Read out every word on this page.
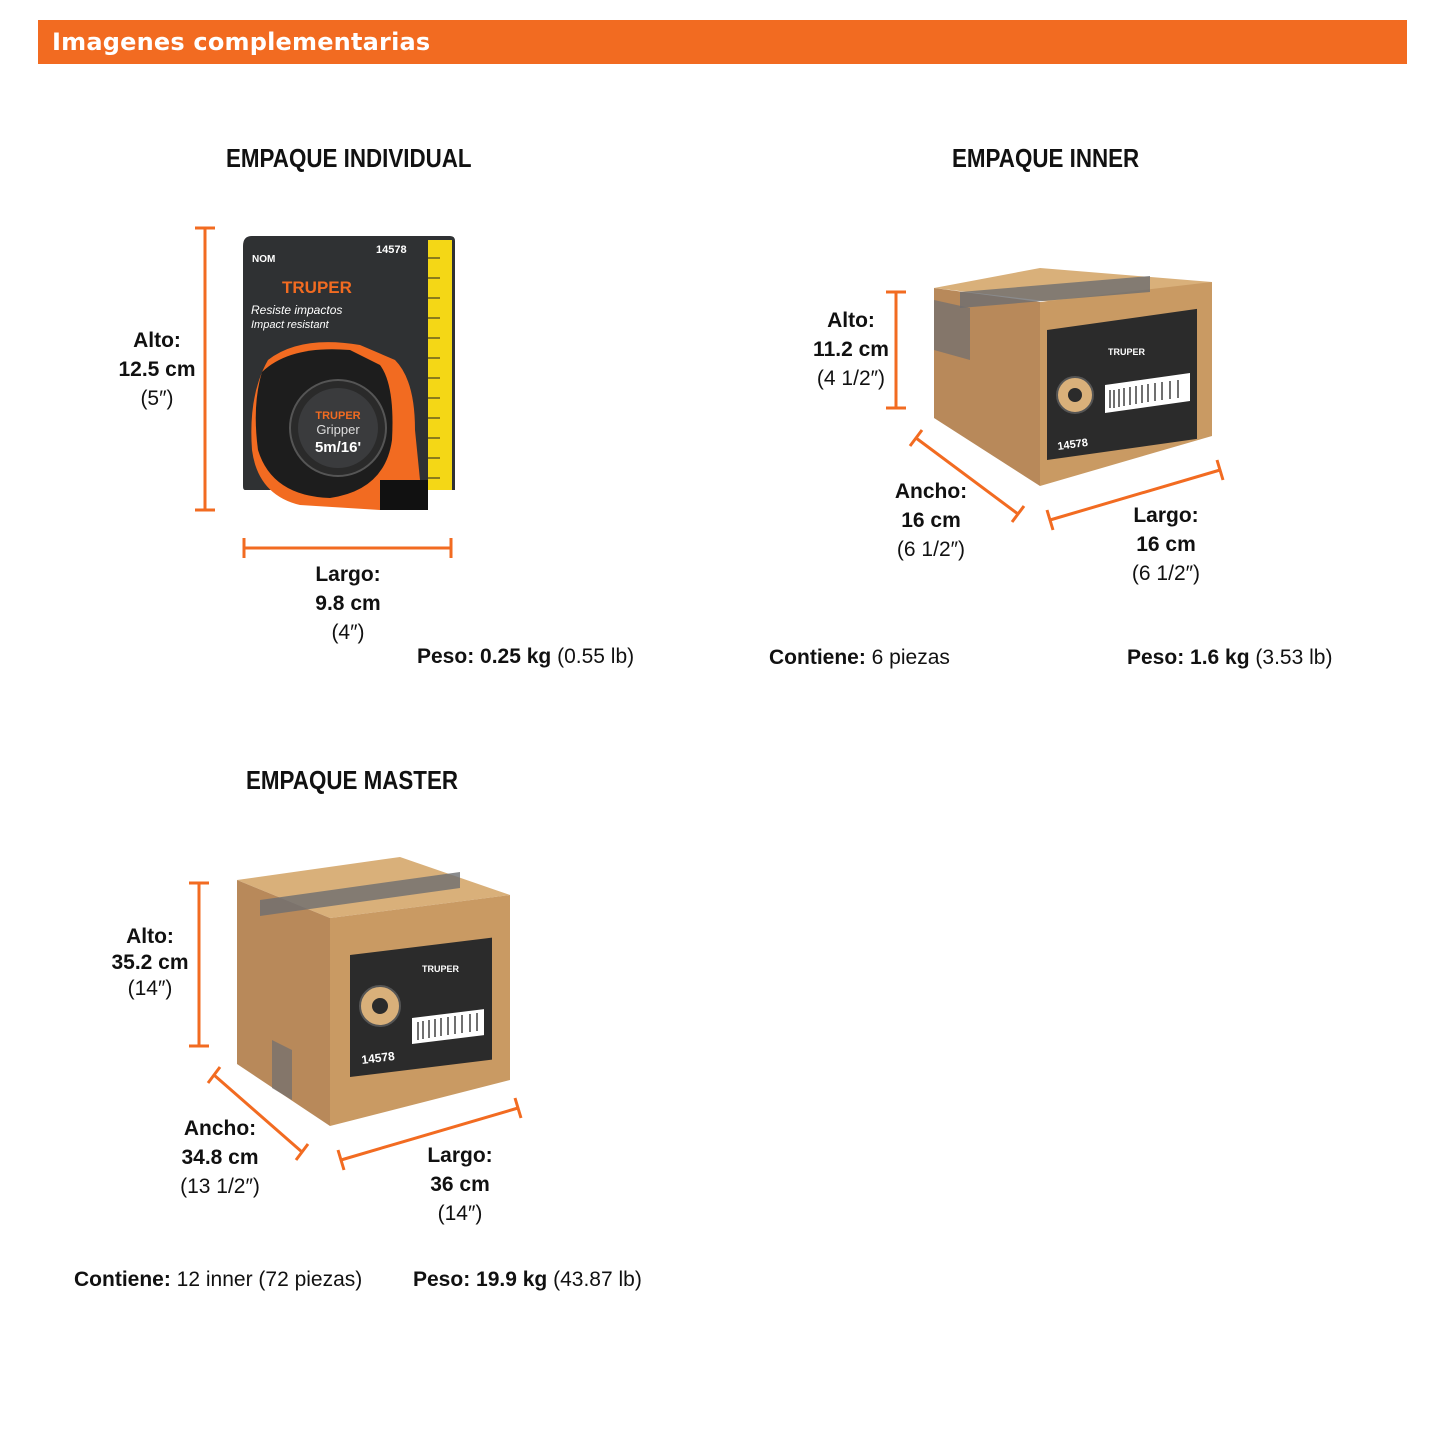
Imagenes complementarias
EMPAQUE INDIVIDUAL	EMPAQUE INNER
EMPAQUE MASTER
14578
NOM
TRUPER
Resiste impactos
Impact resistant
TRUPER
Gripper
5m/16'
TRUPER
14578
TRUPER
14578
Alto:
12.5 cm
(5″)
Largo:
9.8 cm
(4″)
Peso: 0.25 kg (0.55 lb)
Alto:
11.2 cm
(4 1/2″)
Ancho:
16 cm
(6 1/2″)
Largo:
16 cm
(6 1/2″)
Contiene: 6 piezas	Peso: 1.6 kg (3.53 lb)
Alto:
35.2 cm
(14″)
Ancho:
34.8 cm
(13 1/2″)
Largo:
36 cm
(14″)
Contiene: 12 inner (72 piezas) Peso: 19.9 kg (43.87 lb)
